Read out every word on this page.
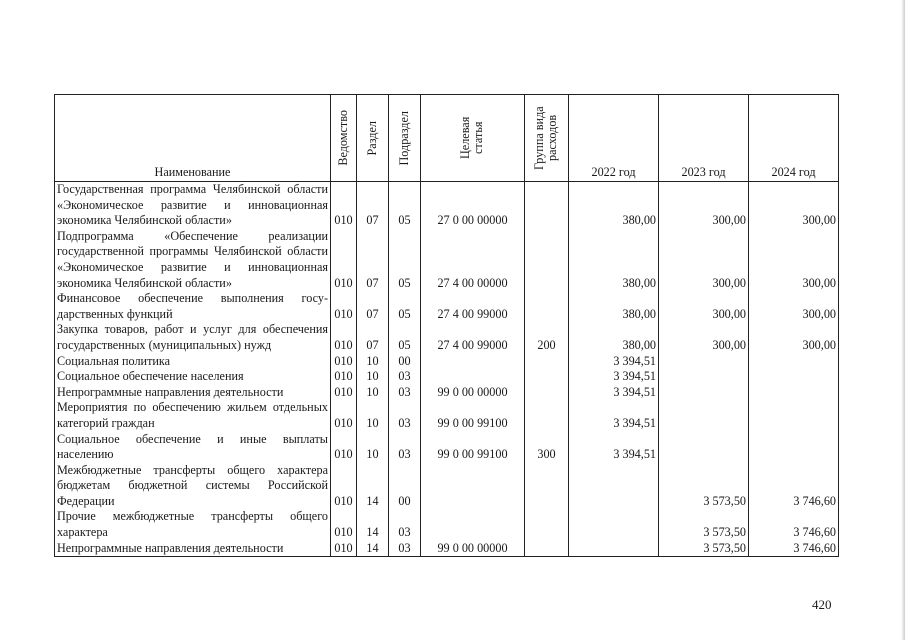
Наименование	Ведомство	Раздел	Подраздел	Целевая статья	Группа вида расходов	2022 год	2023 год	2024 год
Государственная программа Челябинской области «Экономическое развитие и инновационная экономика Челябинской области»	010	07	05	27 0 00 00000		380,00	300,00	300,00
Подпрограмма «Обеспечение реализации государственной программы Челябинской области «Экономическое развитие и инновационная экономика Челябинской области»	010	07	05	27 4 00 00000		380,00	300,00	300,00
Финансовое обеспечение выполнения государственных функций	010	07	05	27 4 00 99000		380,00	300,00	300,00
Закупка товаров, работ и услуг для обеспечения государственных (муниципальных) нужд	010	07	05	27 4 00 99000	200	380,00	300,00	300,00
Социальная политика	010	10	00			3 394,51		
Социальное обеспечение населения	010	10	03			3 394,51		
Непрограммные направления деятельности	010	10	03	99 0 00 00000		3 394,51		
Мероприятия по обеспечению жильем отдельных категорий граждан	010	10	03	99 0 00 99100		3 394,51		
Социальное обеспечение и иные выплаты населению	010	10	03	99 0 00 99100	300	3 394,51		
Межбюджетные трансферты общего характера бюджетам бюджетной системы Российской Федерации	010	14	00				3 573,50	3 746,60
Прочие межбюджетные трансферты общего характера	010	14	03				3 573,50	3 746,60
Непрограммные направления деятельности	010	14	03	99 0 00 00000			3 573,50	3 746,60
420
